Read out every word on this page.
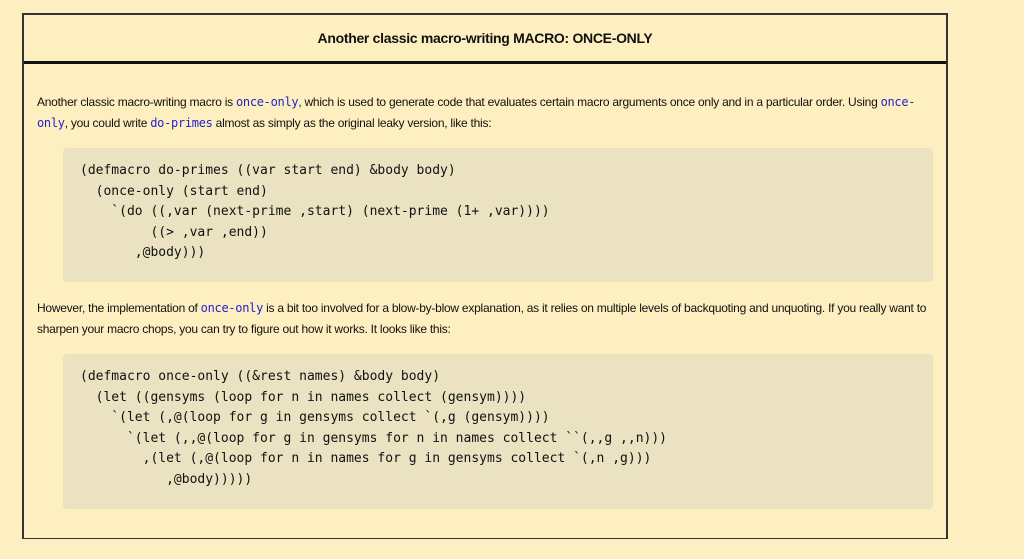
Another classic macro-writing MACRO: ONCE-ONLY
Another classic macro-writing macro is once-only, which is used to generate code that evaluates certain macro arguments once only and in a particular order. Using once-only, you could write do-primes almost as simply as the original leaky version, like this:
(defmacro do-primes ((var start end) &body body)
(once-only (start end)
`(do ((,var (next-prime ,start) (next-prime (1+ ,var))))
((> ,var ,end))
,@body)))
However, the implementation of once-only is a bit too involved for a blow-by-blow explanation, as it relies on multiple levels of backquoting and unquoting. If you really want to sharpen your macro chops, you can try to figure out how it works. It looks like this:
(defmacro once-only ((&rest names) &body body)
(let ((gensyms (loop for n in names collect (gensym))))
`(let (,@(loop for g in gensyms collect `(,g (gensym))))
`(let (,,@(loop for g in gensyms for n in names collect ``(,,g ,,n)))
,(let (,@(loop for n in names for g in gensyms collect `(,n ,g)))
,@body)))))
